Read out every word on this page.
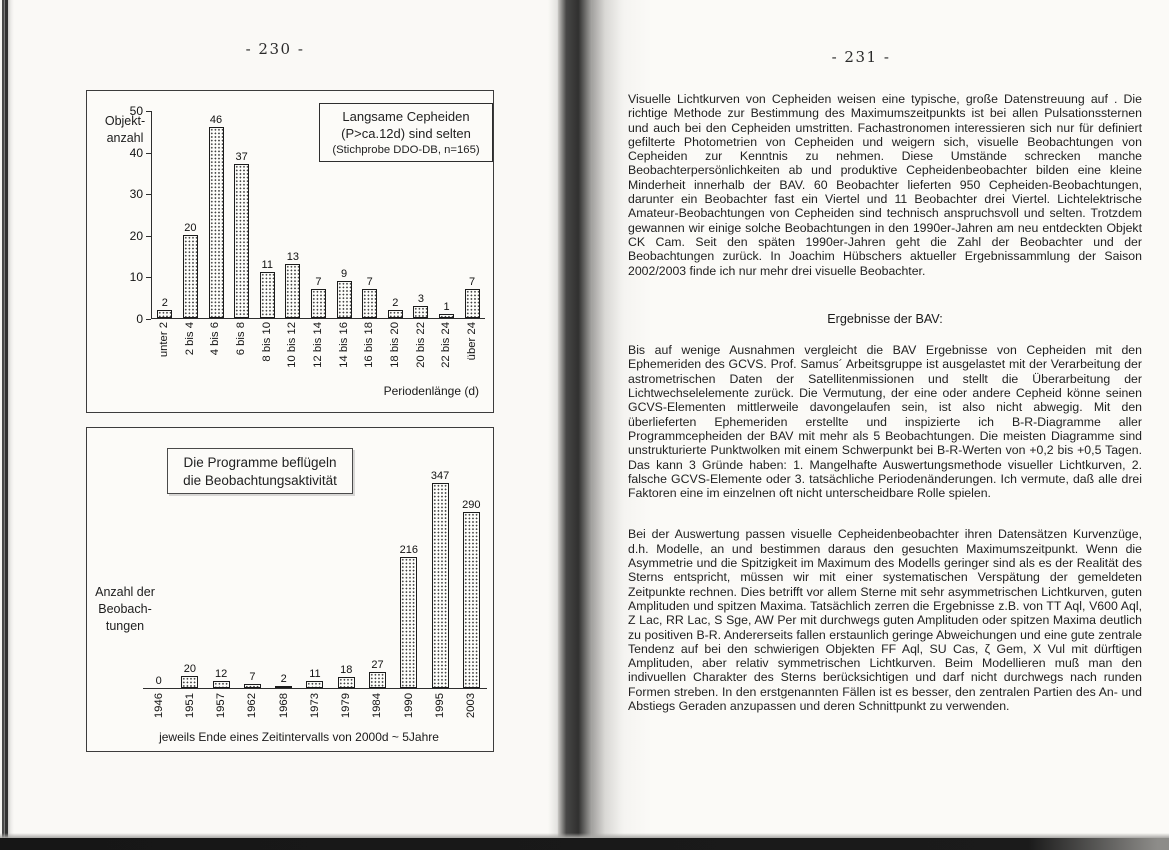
- 230 -
Objekt-
anzahl
Langsame Cepheiden
(P>ca.12d) sind selten
(Stichprobe DDO-DB, n=165)
2
20
46
37
11
13
7
9
7
2 3
1
7
unter 2 2 bis 4 4 bis 6 6 bis 8 8 bis 10 10 bis 12 12 bis 14 14 bis 16 16 bis 18 18 bis 20 20 bis 22 22 bis 24 über 24
Periodenlänge (d)
0
10
20
30
40
50
Die Programme beflügeln
die Beobachtungsaktivität
Anzahl der
Beobach-
tungen
0
20 12 7 2 11 18 27
216
347
290
1946 1951 1957 1962 1968 1973 1979 1984 1990 1995 2003
jeweils Ende eines Zeitintervalls von 2000d ~ 5Jahre
- 231 -

Visuelle Lichtkurven von Cepheiden weisen eine typische, große Datenstreuung auf . Die richtige Methode zur Bestimmung des Maximumszeitpunkts ist bei allen Pulsationssternen und auch bei den Cepheiden umstritten. Fachastronomen interessieren sich nur für definiert gefilterte Photometrien von Cepheiden und weigern sich, visuelle Beobachtungen von Cepheiden zur Kenntnis zu nehmen. Diese Umstände schrecken manche Beobachterpersönlichkeiten ab und produktive Cepheidenbeobachter bilden eine kleine Minderheit innerhalb der BAV. 60 Beobachter lieferten 950 Cepheiden-Beobachtungen, darunter ein Beobachter fast ein Viertel und 11 Beobachter drei Viertel. Lichtelektrische Amateur-Beobachtungen von Cepheiden sind technisch anspruchsvoll und selten. Trotzdem gewannen wir einige solche Beobachtungen in den 1990er-Jahren am neu entdeckten Objekt CK Cam. Seit den späten 1990er-Jahren geht die Zahl der Beobachter und der Beobachtungen zurück. In Joachim Hübschers aktueller Ergebnissammlung der Saison 2002/2003 finde ich nur mehr drei visuelle Beobachter.

Ergebnisse der BAV:

Bis auf wenige Ausnahmen vergleicht die BAV Ergebnisse von Cepheiden mit den Ephemeriden des GCVS. Prof. Samus´ Arbeitsgruppe ist ausgelastet mit der Verarbeitung der astrometrischen Daten der Satellitenmissionen und stellt die Überarbeitung der Lichtwechselelemente zurück. Die Vermutung, der eine oder andere Cepheid könne seinen GCVS-Elementen mittlerweile davongelaufen sein, ist also nicht abwegig. Mit den überlieferten Ephemeriden erstellte und inspizierte ich B-R-Diagramme aller Programmcepheiden der BAV mit mehr als 5 Beobachtungen. Die meisten Diagramme sind unstrukturierte Punktwolken mit einem Schwerpunkt bei B-R-Werten von +0,2 bis +0,5 Tagen. Das kann 3 Gründe haben: 1. Mangelhafte Auswertungsmethode visueller Lichtkurven, 2. falsche GCVS-Elemente oder 3. tatsächliche Periodenänderungen. Ich vermute, daß alle drei Faktoren eine im einzelnen oft nicht unterscheidbare Rolle spielen.

Bei der Auswertung passen visuelle Cepheidenbeobachter ihren Datensätzen Kurvenzüge, d.h. Modelle, an und bestimmen daraus den gesuchten Maximumszeitpunkt. Wenn die Asymmetrie und die Spitzigkeit im Maximum des Modells geringer sind als es der Realität des Sterns entspricht, müssen wir mit einer systematischen Verspätung der gemeldeten Zeitpunkte rechnen. Dies betrifft vor allem Sterne mit sehr asymmetrischen Lichtkurven, guten Amplituden und spitzen Maxima. Tatsächlich zerren die Ergebnisse z.B. von TT Aql, V600 Aql, Z Lac, RR Lac, S Sge, AW Per mit durchwegs guten Amplituden oder spitzen Maxima deutlich zu positiven B-R. Andererseits fallen erstaunlich geringe Abweichungen und eine gute zentrale Tendenz auf bei den schwierigen Objekten FF Aql, SU Cas, ζ Gem, X Vul mit dürftigen Amplituden, aber relativ symmetrischen Lichtkurven. Beim Modellieren muß man den indivuellen Charakter des Sterns berücksichtigen und darf nicht durchwegs nach runden Formen streben. In den erstgenannten Fällen ist es besser, den zentralen Partien des An- und Abstiegs Geraden anzupassen und deren Schnittpunkt zu verwenden.
